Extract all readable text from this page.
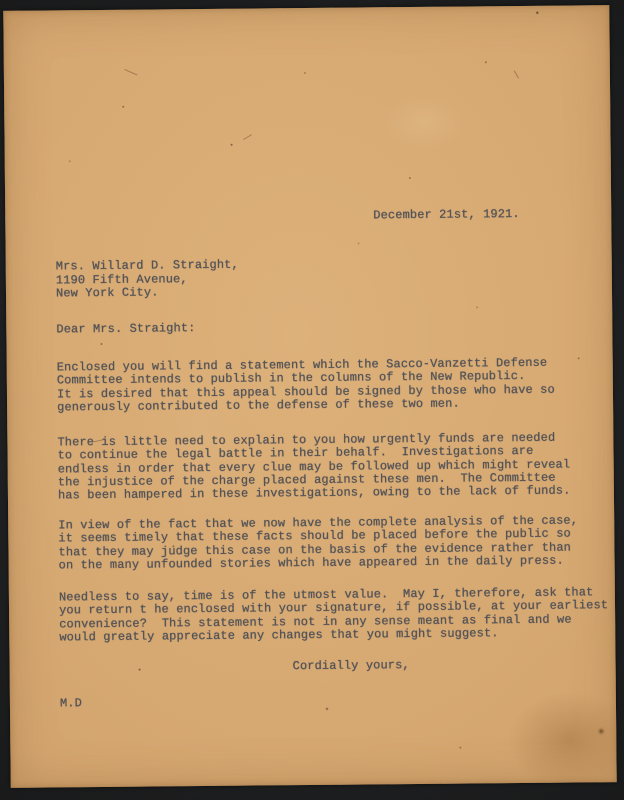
December 21st, 1921.
Mrs. Willard D. Straight,
1190 Fifth Avenue,
New York City.
Dear Mrs. Straight:
Enclosed you will find a statement which the Sacco-Vanzetti Defense
Committee intends to publish in the columns of the New Republic.
It is desired that this appeal should be signed by those who have so
generously contributed to the defense of these two men.
There is little need to explain to you how urgently funds are needed
to continue the legal battle in their behalf.  Investigations are
endless in order that every clue may be followed up which might reveal
the injustice of the charge placed against these men.  The Committee
has been hampered in these investigations, owing to the lack of funds.
In view of the fact that we now have the complete analysis of the case,
it seems timely that these facts should be placed before the public so
that they may judge this case on the basis of the evidence rather than
on the many unfounded stories which have appeared in the daily press.
Needless to say, time is of the utmost value.  May I, therefore, ask that
you return t he enclosed with your signature, if possible, at your earliest
convenience?  This statement is not in any sense meant as final and we
would greatly appreciate any changes that you might suggest.
Cordially yours,
M.D
